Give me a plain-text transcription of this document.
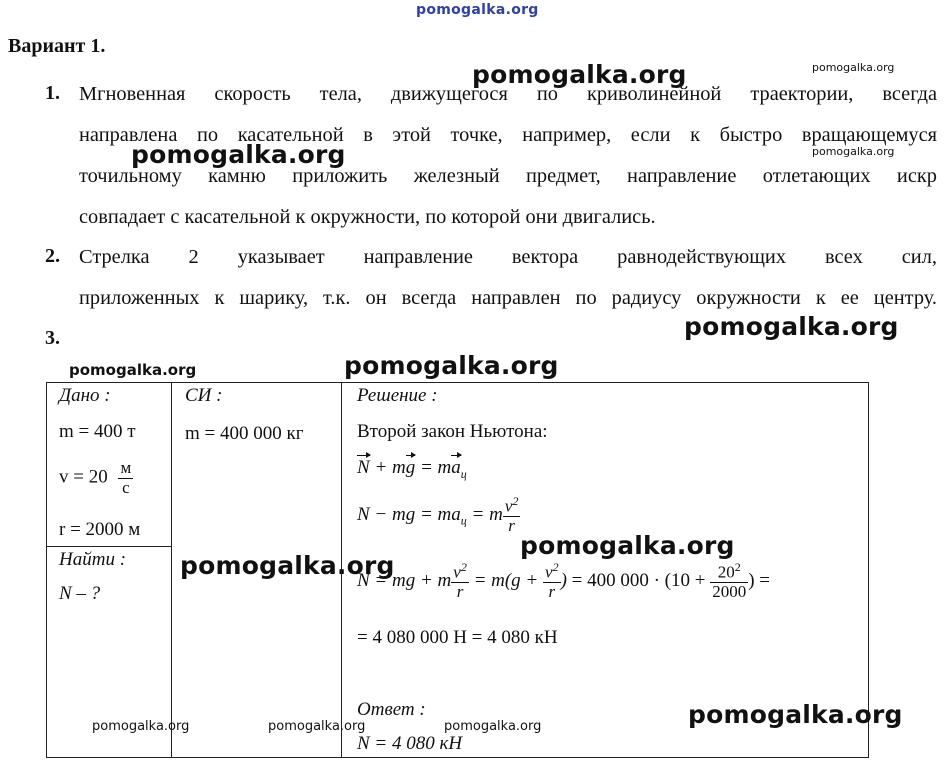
pomogalka.org
Вариант 1.
1. Мгновенная скорость тела, движущегося по криволинейной траектории, всегда
направлена по касательной в этой точке, например, если к быстро вращающемуся
точильному камню приложить железный предмет, направление отлетающих искр
совпадает с касательной к окружности, по которой они двигались.
2. Стрелка 2 указывает направление вектора равнодействующих всех сил,
приложенных к шарику, т.к. он всегда направлен по радиусу окружности к ее центру.
3.
Дано :
m = 400 т
$v = 20 \frac{м}{с}$
r = 2000 м
Найти :
N – ?
СИ :
m = 400 000 кг
Решение :
Второй закон Ньютона:
N + mg = $ma_ц$
N − mg = $ma_ц = m \frac{v^2}{r}$
N = mg + m $\frac{v^2}{r} = m(g + \frac{v^2}{r}$ ) = 400 $000 \cdot (10 + \frac{20^2}{2000}$ ) =
= 4 080 000 Н = 4 080 кН
Ответ :
N = 4 080 кН
pomogalka.org	pomogalka.org
pomogalka.org	pomogalka.org
pomogalka.org
pomogalka.org	pomogalka.org
pomogalka.org
pomogalka.org
pomogalka.org
pomogalka.org	pomogalka.org	pomogalka.org
